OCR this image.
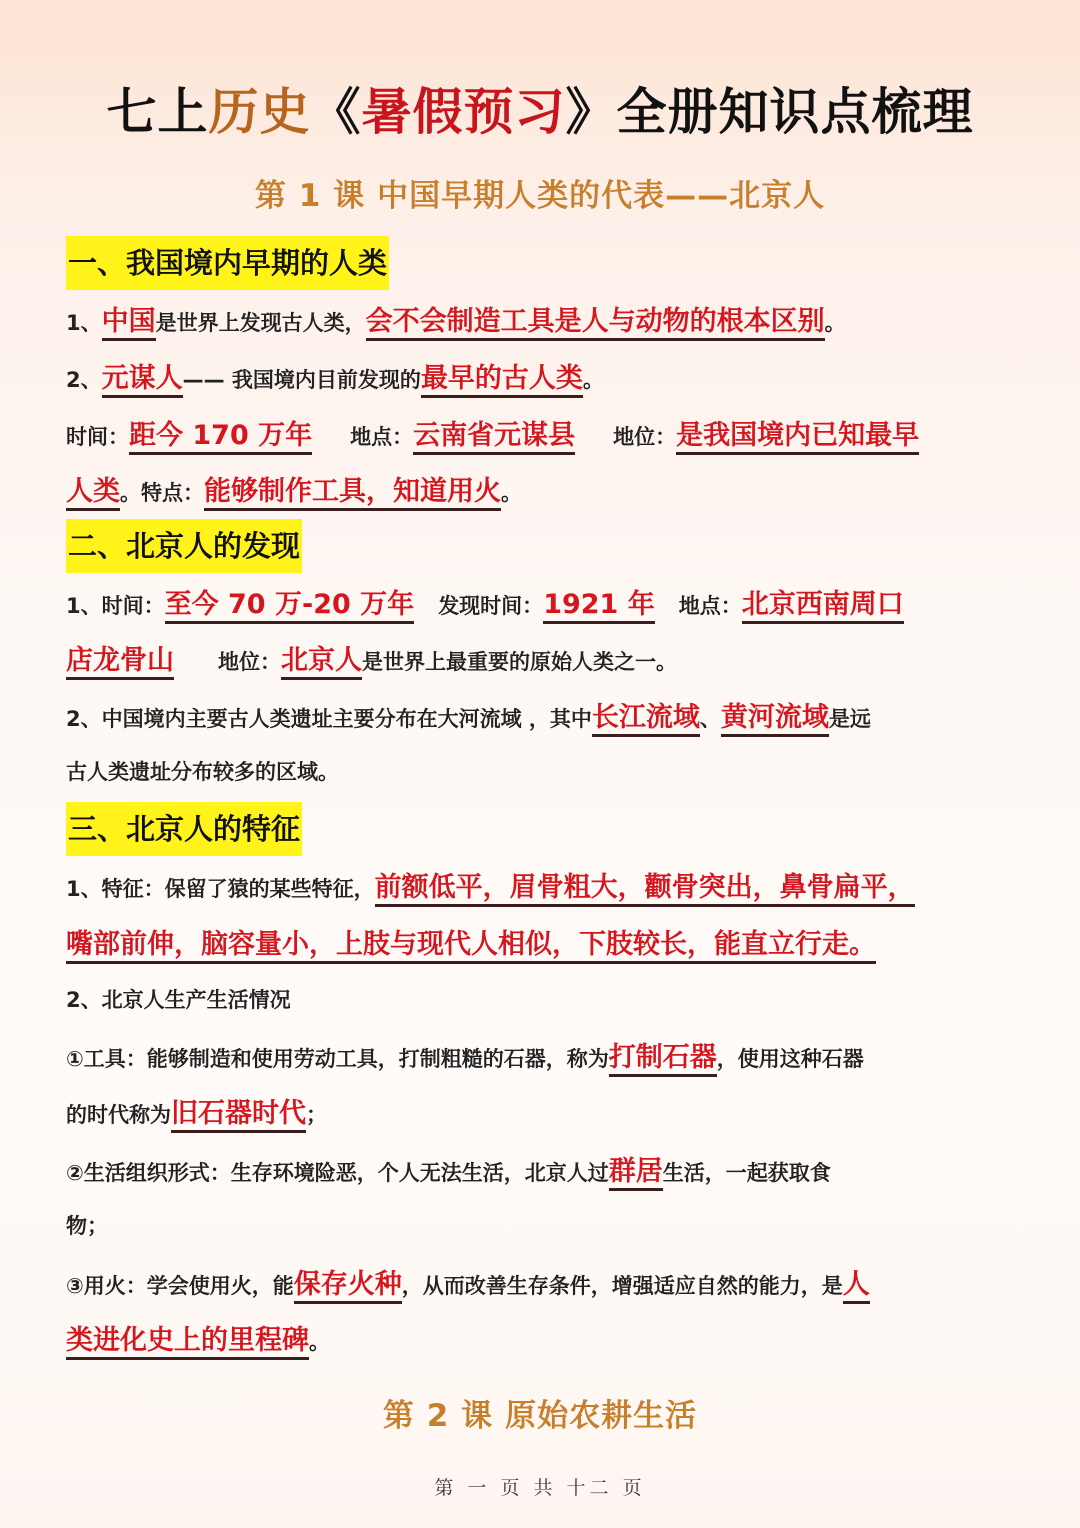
七上历史《暑假预习》全册知识点梳理
第 1 课 中国早期人类的代表——北京人
一、我国境内早期的人类
1、中国是世界上发现古人类，会不会制造工具是人与动物的根本区别。
2、元谋人—— 我国境内目前发现的最早的古人类。
时间：距今 170 万年 地点：云南省元谋县 地位：是我国境内已知最早
人类。特点：能够制作工具，知道用火。
二、北京人的发现
1、时间：至今 70 万-20 万年 发现时间：1921 年 地点：北京西南周口
店龙骨山 地位：北京人是世界上最重要的原始人类之一。
2、中国境内主要古人类遗址主要分布在大河流域 ，其中长江流域、黄河流域是远
古人类遗址分布较多的区域。
三、北京人的特征
1、特征：保留了猿的某些特征，前额低平，眉骨粗大，颧骨突出，鼻骨扁平，
嘴部前伸，脑容量小，上肢与现代人相似，下肢较长，能直立行走。
2、北京人生产生活情况
①工具：能够制造和使用劳动工具，打制粗糙的石器，称为打制石器，使用这种石器
的时代称为旧石器时代；
②生活组织形式：生存环境险恶，个人无法生活，北京人过群居生活，一起获取食
物；
③用火：学会使用火，能保存火种，从而改善生存条件，增强适应自然的能力，是人
类进化史上的里程碑。
第 2 课 原始农耕生活
第 一 页 共 十二 页
